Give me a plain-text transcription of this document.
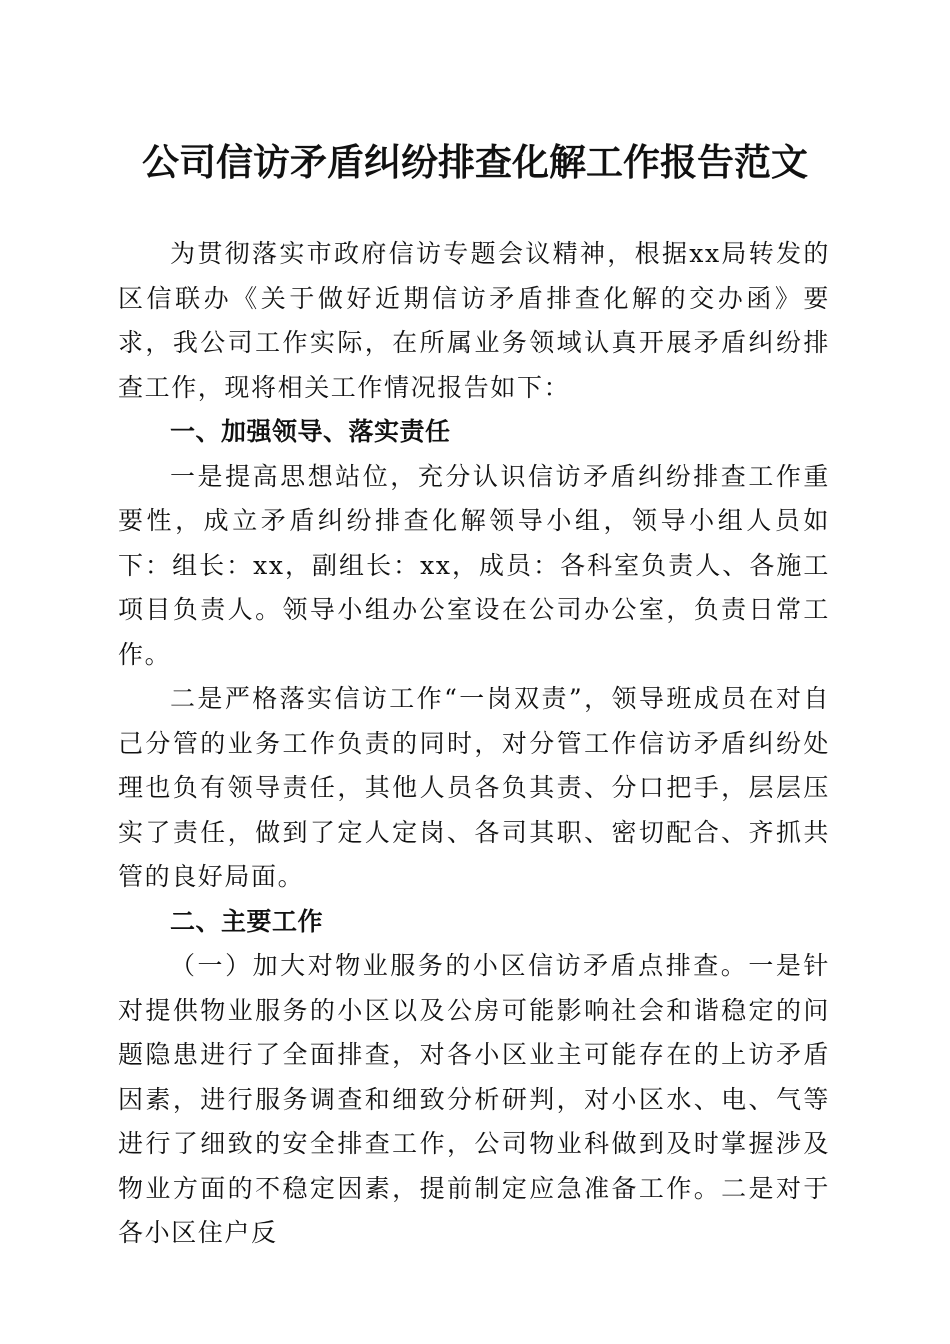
公司信访矛盾纠纷排查化解工作报告范文

为贯彻落实市政府信访专题会议精神，根据xx局转发的区信联办《关于做好近期信访矛盾排查化解的交办函》要求，我公司工作实际，在所属业务领域认真开展矛盾纠纷排查工作，现将相关工作情况报告如下：

一、加强领导、落实责任

一是提高思想站位，充分认识信访矛盾纠纷排查工作重要性，成立矛盾纠纷排查化解领导小组，领导小组人员如下：组长：xx，副组长：xx，成员：各科室负责人、各施工项目负责人。领导小组办公室设在公司办公室，负责日常工作。

二是严格落实信访工作“一岗双责”，领导班成员在对自己分管的业务工作负责的同时，对分管工作信访矛盾纠纷处理也负有领导责任，其他人员各负其责、分口把手，层层压实了责任，做到了定人定岗、各司其职、密切配合、齐抓共管的良好局面。

二、主要工作

（一）加大对物业服务的小区信访矛盾点排查。一是针对提供物业服务的小区以及公房可能影响社会和谐稳定的问题隐患进行了全面排查，对各小区业主可能存在的上访矛盾因素，进行服务调查和细致分析研判，对小区水、电、气等进行了细致的安全排查工作，公司物业科做到及时掌握涉及物业方面的不稳定因素，提前制定应急准备工作。二是对于各小区住户反
